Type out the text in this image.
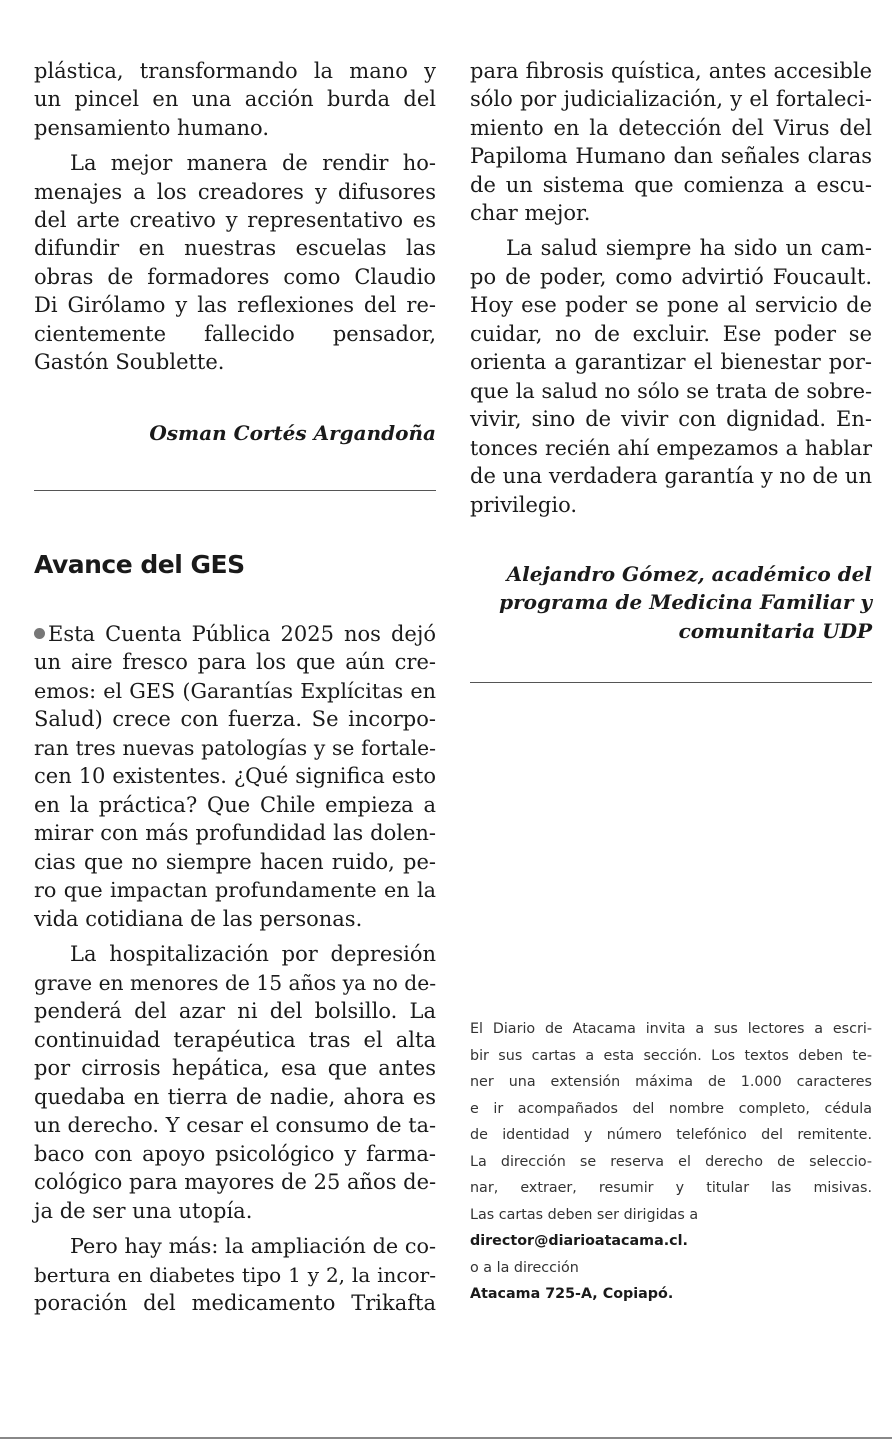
plástica, transformando la mano y
un pincel en una acción burda del
pensamiento humano.
La mejor manera de rendir ho-
menajes a los creadores y difusores
del arte creativo y representativo es
difundir en nuestras escuelas las
obras de formadores como Claudio
Di Girólamo y las reflexiones del re-
cientemente fallecido pensador,
Gastón Soublette.
Osman Cortés Argandoña
Avance del GES
Esta Cuenta Pública 2025 nos dejó
un aire fresco para los que aún cre-
emos: el GES (Garantías Explícitas en
Salud) crece con fuerza. Se incorpo-
ran tres nuevas patologías y se fortale-
cen 10 existentes. ¿Qué significa esto
en la práctica? Que Chile empieza a
mirar con más profundidad las dolen-
cias que no siempre hacen ruido, pe-
ro que impactan profundamente en la
vida cotidiana de las personas.
La hospitalización por depresión
grave en menores de 15 años ya no de-
penderá del azar ni del bolsillo. La
continuidad terapéutica tras el alta
por cirrosis hepática, esa que antes
quedaba en tierra de nadie, ahora es
un derecho. Y cesar el consumo de ta-
baco con apoyo psicológico y farma-
cológico para mayores de 25 años de-
ja de ser una utopía.
Pero hay más: la ampliación de co-
bertura en diabetes tipo 1 y 2, la incor-
poración del medicamento Trikafta
para fibrosis quística, antes accesible
sólo por judicialización, y el fortaleci-
miento en la detección del Virus del
Papiloma Humano dan señales claras
de un sistema que comienza a escu-
char mejor.
La salud siempre ha sido un cam-
po de poder, como advirtió Foucault.
Hoy ese poder se pone al servicio de
cuidar, no de excluir. Ese poder se
orienta a garantizar el bienestar por-
que la salud no sólo se trata de sobre-
vivir, sino de vivir con dignidad. En-
tonces recién ahí empezamos a hablar
de una verdadera garantía y no de un
privilegio.
Alejandro Gómez, académico del
programa de Medicina Familiar y
comunitaria UDP
El Diario de Atacama invita a sus lectores a escri-
bir sus cartas a esta sección. Los textos deben te-
ner una extensión máxima de 1.000 caracteres
e ir acompañados del nombre completo, cédula
de identidad y número telefónico del remitente.
La dirección se reserva el derecho de seleccio-
nar, extraer, resumir y titular las misivas.
Las cartas deben ser dirigidas a
director@diarioatacama.cl.
o a la dirección
Atacama 725-A, Copiapó.
